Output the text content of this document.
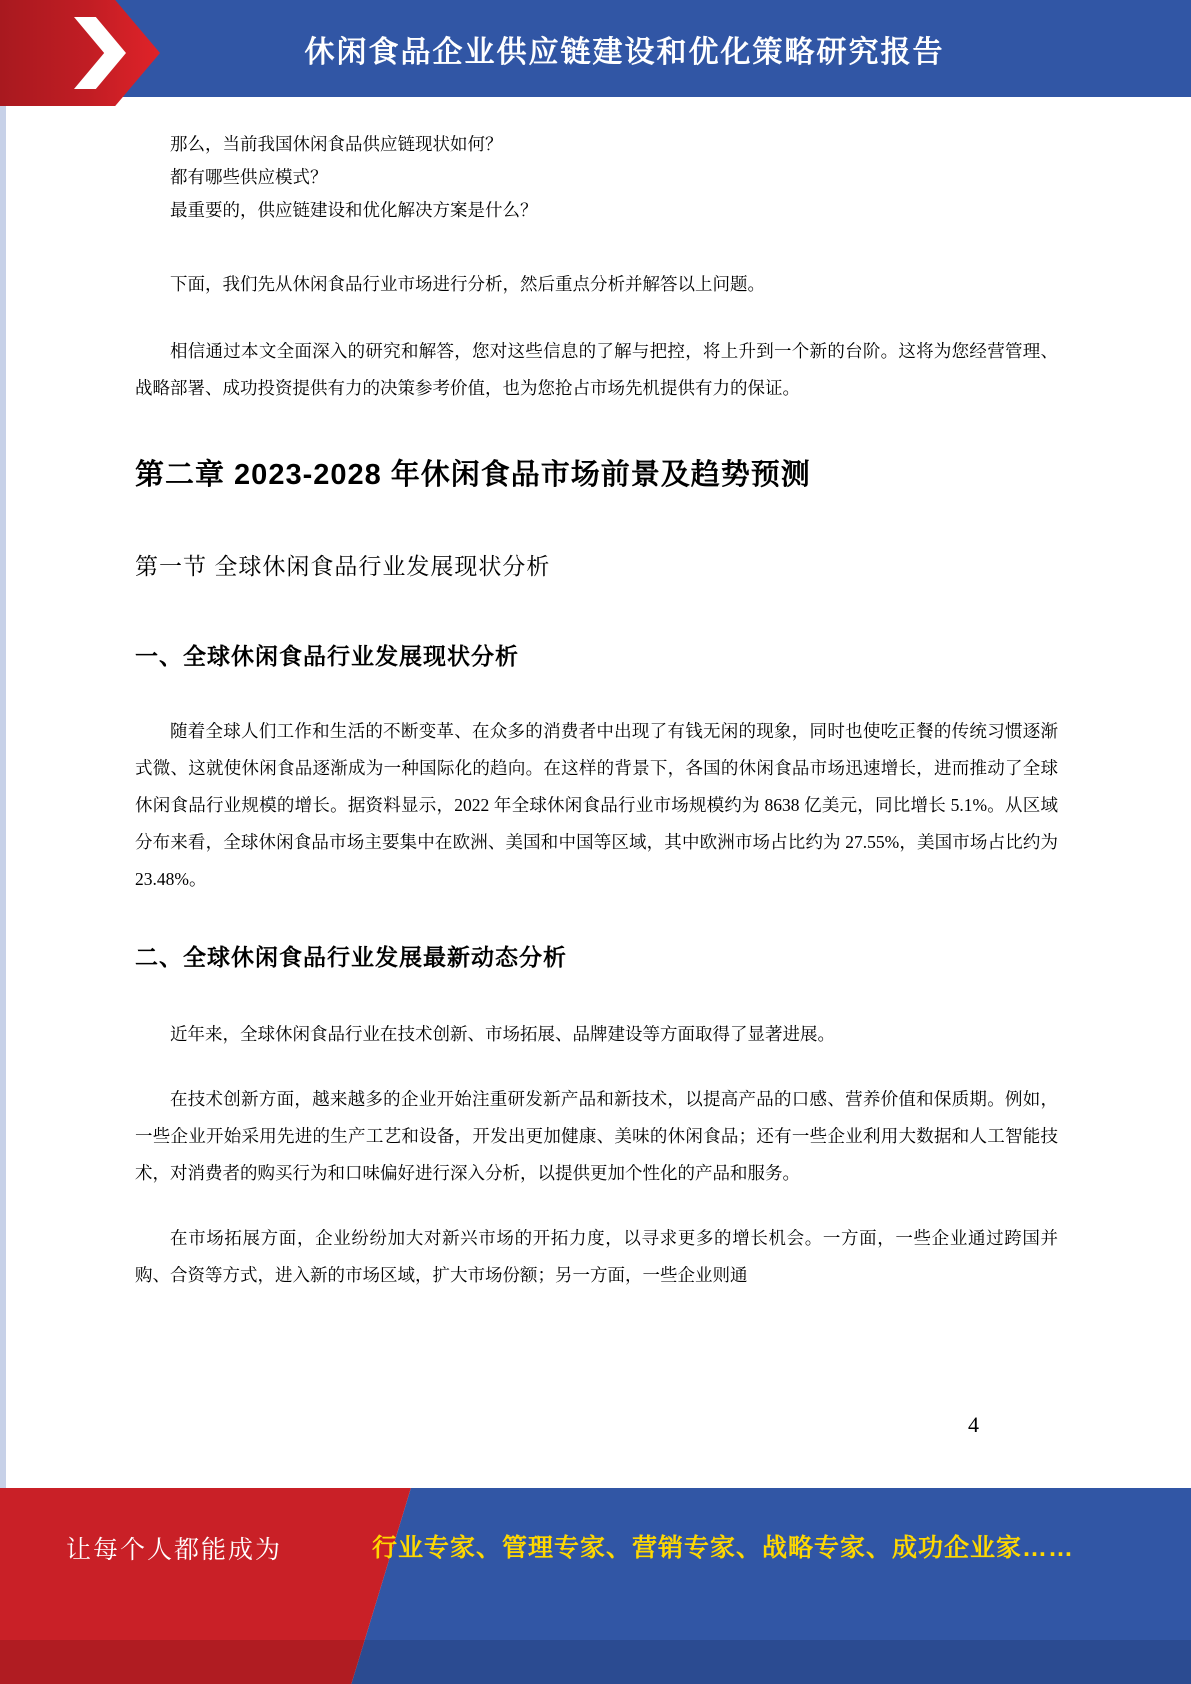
休闲食品企业供应链建设和优化策略研究报告

那么，当前我国休闲食品供应链现状如何？

都有哪些供应模式？

最重要的，供应链建设和优化解决方案是什么？

下面，我们先从休闲食品行业市场进行分析，然后重点分析并解答以上问题。

相信通过本文全面深入的研究和解答，您对这些信息的了解与把控，将上升到一个新的台阶。这将为您经营管理、战略部署、成功投资提供有力的决策参考价值，也为您抢占市场先机提供有力的保证。

第二章 2023-2028 年休闲食品市场前景及趋势预测
第一节 全球休闲食品行业发展现状分析
一、全球休闲食品行业发展现状分析

随着全球人们工作和生活的不断变革、在众多的消费者中出现了有钱无闲的现象，同时也使吃正餐的传统习惯逐渐式微、这就使休闲食品逐渐成为一种国际化的趋向。在这样的背景下，各国的休闲食品市场迅速增长，进而推动了全球休闲食品行业规模的增长。据资料显示，2022 年全球休闲食品行业市场规模约为 8638 亿美元，同比增长 5.1%。从区域分布来看，全球休闲食品市场主要集中在欧洲、美国和中国等区域，其中欧洲市场占比约为 27.55%，美国市场占比约为 23.48%。

二、全球休闲食品行业发展最新动态分析

近年来，全球休闲食品行业在技术创新、市场拓展、品牌建设等方面取得了显著进展。

在技术创新方面，越来越多的企业开始注重研发新产品和新技术，以提高产品的口感、营养价值和保质期。例如，一些企业开始采用先进的生产工艺和设备，开发出更加健康、美味的休闲食品；还有一些企业利用大数据和人工智能技术，对消费者的购买行为和口味偏好进行深入分析，以提供更加个性化的产品和服务。

在市场拓展方面，企业纷纷加大对新兴市场的开拓力度，以寻求更多的增长机会。一方面，一些企业通过跨国并购、合资等方式，进入新的市场区域，扩大市场份额；另一方面，一些企业则通

4
让每个人都能成为	行业专家、管理专家、营销专家、战略专家、成功企业家……
